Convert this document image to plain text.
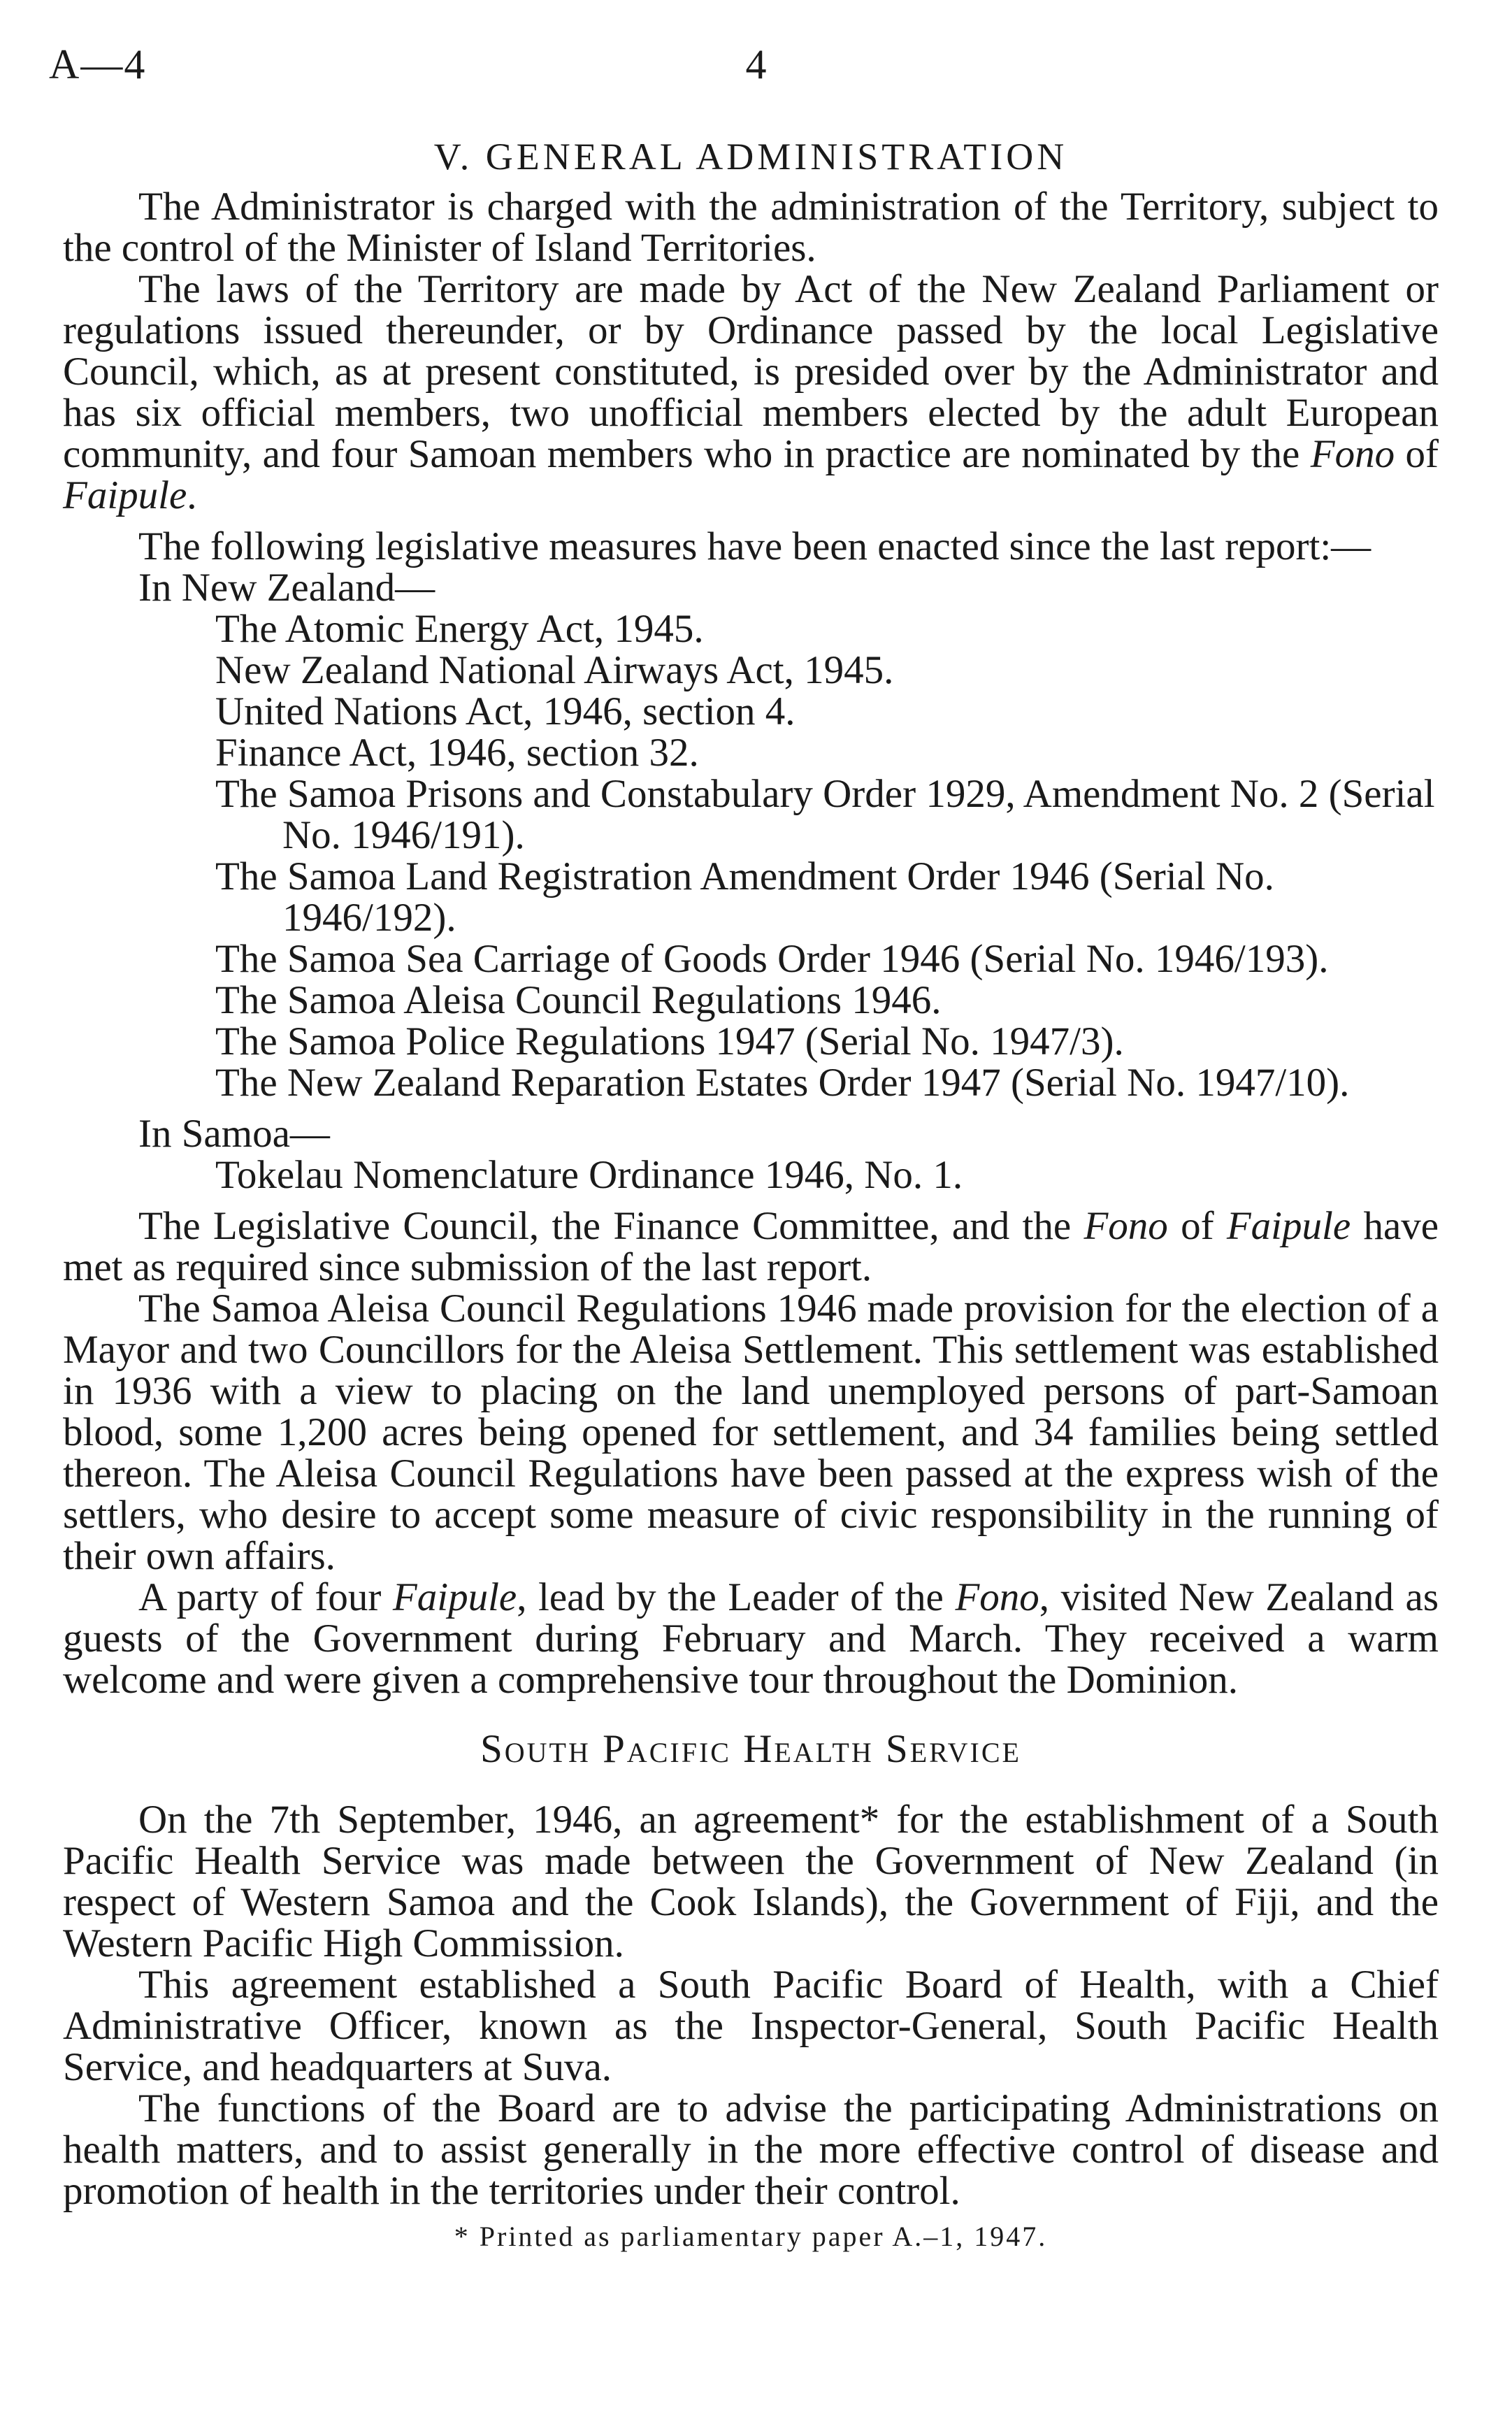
A—4	4
V. GENERAL ADMINISTRATION

The Administrator is charged with the administration of the Territory, subject to the control of the Minister of Island Territories.

The laws of the Territory are made by Act of the New Zealand Parliament or regulations issued thereunder, or by Ordinance passed by the local Legislative Council, which, as at present constituted, is presided over by the Administrator and has six official members, two unofficial members elected by the adult European community, and four Samoan members who in practice are nominated by the Fono of Faipule.

The following legislative measures have been enacted since the last report:—

In New Zealand—

The Atomic Energy Act, 1945.

New Zealand National Airways Act, 1945.

United Nations Act, 1946, section 4.

Finance Act, 1946, section 32.

The Samoa Prisons and Constabulary Order 1929, Amendment No. 2 (Serial No. 1946/191).

The Samoa Land Registration Amendment Order 1946 (Serial No. 1946/192).

The Samoa Sea Carriage of Goods Order 1946 (Serial No. 1946/193).

The Samoa Aleisa Council Regulations 1946.

The Samoa Police Regulations 1947 (Serial No. 1947/3).

The New Zealand Reparation Estates Order 1947 (Serial No. 1947/10).

In Samoa—

Tokelau Nomenclature Ordinance 1946, No. 1.

The Legislative Council, the Finance Committee, and the Fono of Faipule have met as required since submission of the last report.

The Samoa Aleisa Council Regulations 1946 made provision for the election of a Mayor and two Councillors for the Aleisa Settlement. This settlement was established in 1936 with a view to placing on the land unemployed persons of part-Samoan blood, some 1,200 acres being opened for settlement, and 34 families being settled thereon. The Aleisa Council Regulations have been passed at the express wish of the settlers, who desire to accept some measure of civic responsibility in the running of their own affairs.

A party of four Faipule, lead by the Leader of the Fono, visited New Zealand as guests of the Government during February and March. They received a warm welcome and were given a comprehensive tour throughout the Dominion.

South Pacific Health Service

On the 7th September, 1946, an agreement* for the establishment of a South Pacific Health Service was made between the Government of New Zealand (in respect of Western Samoa and the Cook Islands), the Government of Fiji, and the Western Pacific High Commission.

This agreement established a South Pacific Board of Health, with a Chief Administrative Officer, known as the Inspector-General, South Pacific Health Service, and headquarters at Suva.

The functions of the Board are to advise the participating Administrations on health matters, and to assist generally in the more effective control of disease and promotion of health in the territories under their control.

* Printed as parliamentary paper A.–1, 1947.
